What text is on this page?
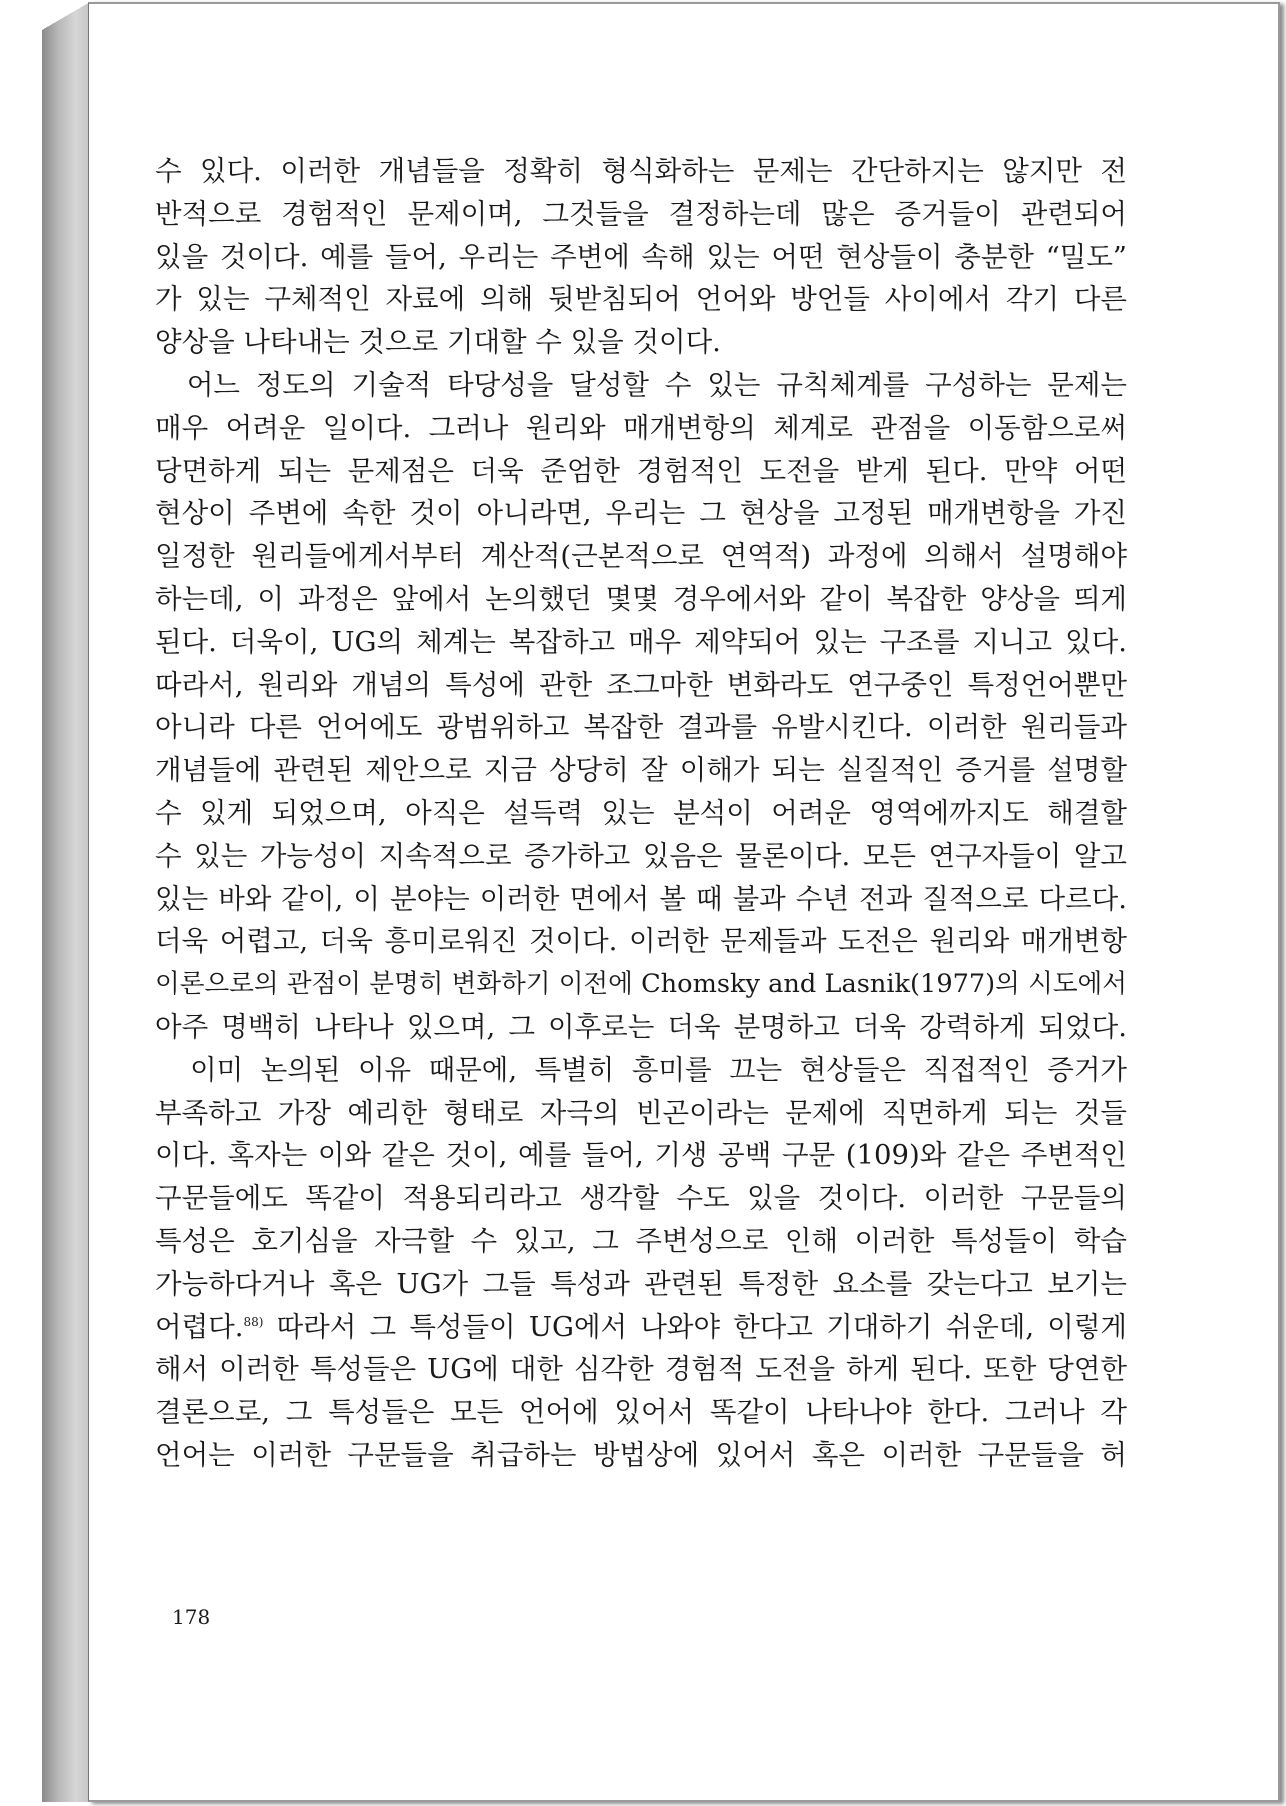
수 있다. 이러한 개념들을 정확히 형식화하는 문제는 간단하지는 않지만 전
반적으로 경험적인 문제이며, 그것들을 결정하는데 많은 증거들이 관련되어
있을 것이다. 예를 들어, 우리는 주변에 속해 있는 어떤 현상들이 충분한 “밀도”
가 있는 구체적인 자료에 의해 뒷받침되어 언어와 방언들 사이에서 각기 다른
양상을 나타내는 것으로 기대할 수 있을 것이다.
어느 정도의 기술적 타당성을 달성할 수 있는 규칙체계를 구성하는 문제는
매우 어려운 일이다. 그러나 원리와 매개변항의 체계로 관점을 이동함으로써
당면하게 되는 문제점은 더욱 준엄한 경험적인 도전을 받게 된다. 만약 어떤
현상이 주변에 속한 것이 아니라면, 우리는 그 현상을 고정된 매개변항을 가진
일정한 원리들에게서부터 계산적(근본적으로 연역적) 과정에 의해서 설명해야
하는데, 이 과정은 앞에서 논의했던 몇몇 경우에서와 같이 복잡한 양상을 띄게
된다. 더욱이, UG의 체계는 복잡하고 매우 제약되어 있는 구조를 지니고 있다.
따라서, 원리와 개념의 특성에 관한 조그마한 변화라도 연구중인 특정언어뿐만
아니라 다른 언어에도 광범위하고 복잡한 결과를 유발시킨다. 이러한 원리들과
개념들에 관련된 제안으로 지금 상당히 잘 이해가 되는 실질적인 증거를 설명할
수 있게 되었으며, 아직은 설득력 있는 분석이 어려운 영역에까지도 해결할
수 있는 가능성이 지속적으로 증가하고 있음은 물론이다. 모든 연구자들이 알고
있는 바와 같이, 이 분야는 이러한 면에서 볼 때 불과 수년 전과 질적으로 다르다.
더욱 어렵고, 더욱 흥미로워진 것이다. 이러한 문제들과 도전은 원리와 매개변항
이론으로의 관점이 분명히 변화하기 이전에 Chomsky and Lasnik(1977)의 시도에서
아주 명백히 나타나 있으며, 그 이후로는 더욱 분명하고 더욱 강력하게 되었다.
이미 논의된 이유 때문에, 특별히 흥미를 끄는 현상들은 직접적인 증거가
부족하고 가장 예리한 형태로 자극의 빈곤이라는 문제에 직면하게 되는 것들
이다. 혹자는 이와 같은 것이, 예를 들어, 기생 공백 구문 (109)와 같은 주변적인
구문들에도 똑같이 적용되리라고 생각할 수도 있을 것이다. 이러한 구문들의
특성은 호기심을 자극할 수 있고, 그 주변성으로 인해 이러한 특성들이 학습
가능하다거나 혹은 UG가 그들 특성과 관련된 특정한 요소를 갖는다고 보기는
어렵다.$^{88)}$ 따라서 그 특성들이 UG에서 나와야 한다고 기대하기 쉬운데, 이렇게
해서 이러한 특성들은 UG에 대한 심각한 경험적 도전을 하게 된다. 또한 당연한
결론으로, 그 특성들은 모든 언어에 있어서 똑같이 나타나야 한다. 그러나 각
언어는 이러한 구문들을 취급하는 방법상에 있어서 혹은 이러한 구문들을 허
178
